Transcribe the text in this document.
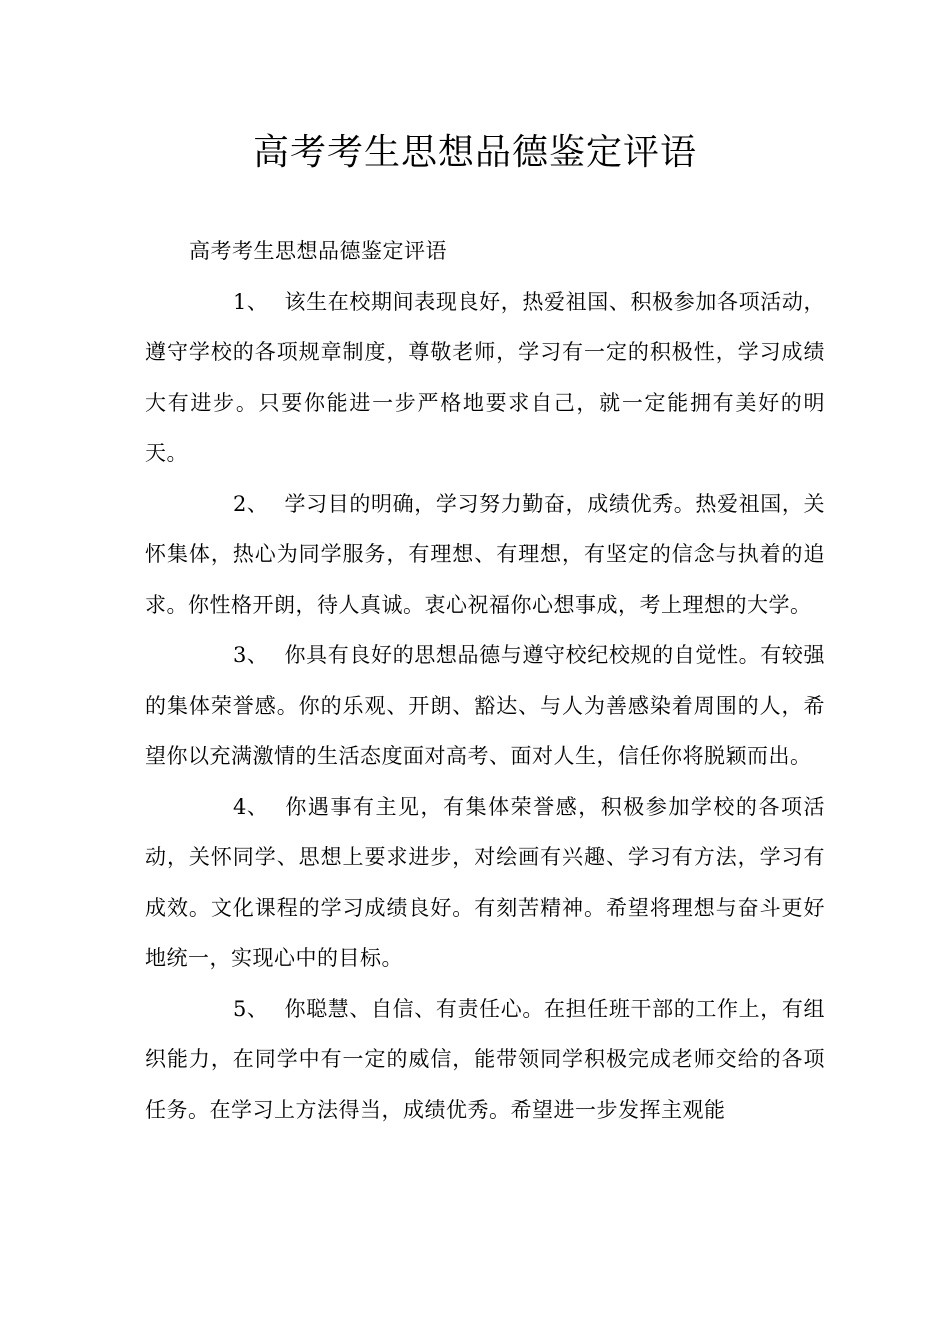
高考考生思想品德鉴定评语

高考考生思想品德鉴定评语

1、 该生在校期间表现良好，热爱祖国、积极参加各项活动，遵守学校的各项规章制度，尊敬老师，学习有一定的积极性，学习成绩大有进步。只要你能进一步严格地要求自己，就一定能拥有美好的明天。

2、 学习目的明确，学习努力勤奋，成绩优秀。热爱祖国，关怀集体，热心为同学服务，有理想、有理想，有坚定的信念与执着的追求。你性格开朗，待人真诚。衷心祝福你心想事成，考上理想的大学。

3、 你具有良好的思想品德与遵守校纪校规的自觉性。有较强的集体荣誉感。你的乐观、开朗、豁达、与人为善感染着周围的人，希望你以充满激情的生活态度面对高考、面对人生，信任你将脱颖而出。

4、 你遇事有主见，有集体荣誉感，积极参加学校的各项活动，关怀同学、思想上要求进步，对绘画有兴趣、学习有方法，学习有成效。文化课程的学习成绩良好。有刻苦精神。希望将理想与奋斗更好地统一，实现心中的目标。

5、 你聪慧、自信、有责任心。在担任班干部的工作上，有组织能力，在同学中有一定的威信，能带领同学积极完成老师交给的各项任务。在学习上方法得当，成绩优秀。希望进一步发挥主观能
